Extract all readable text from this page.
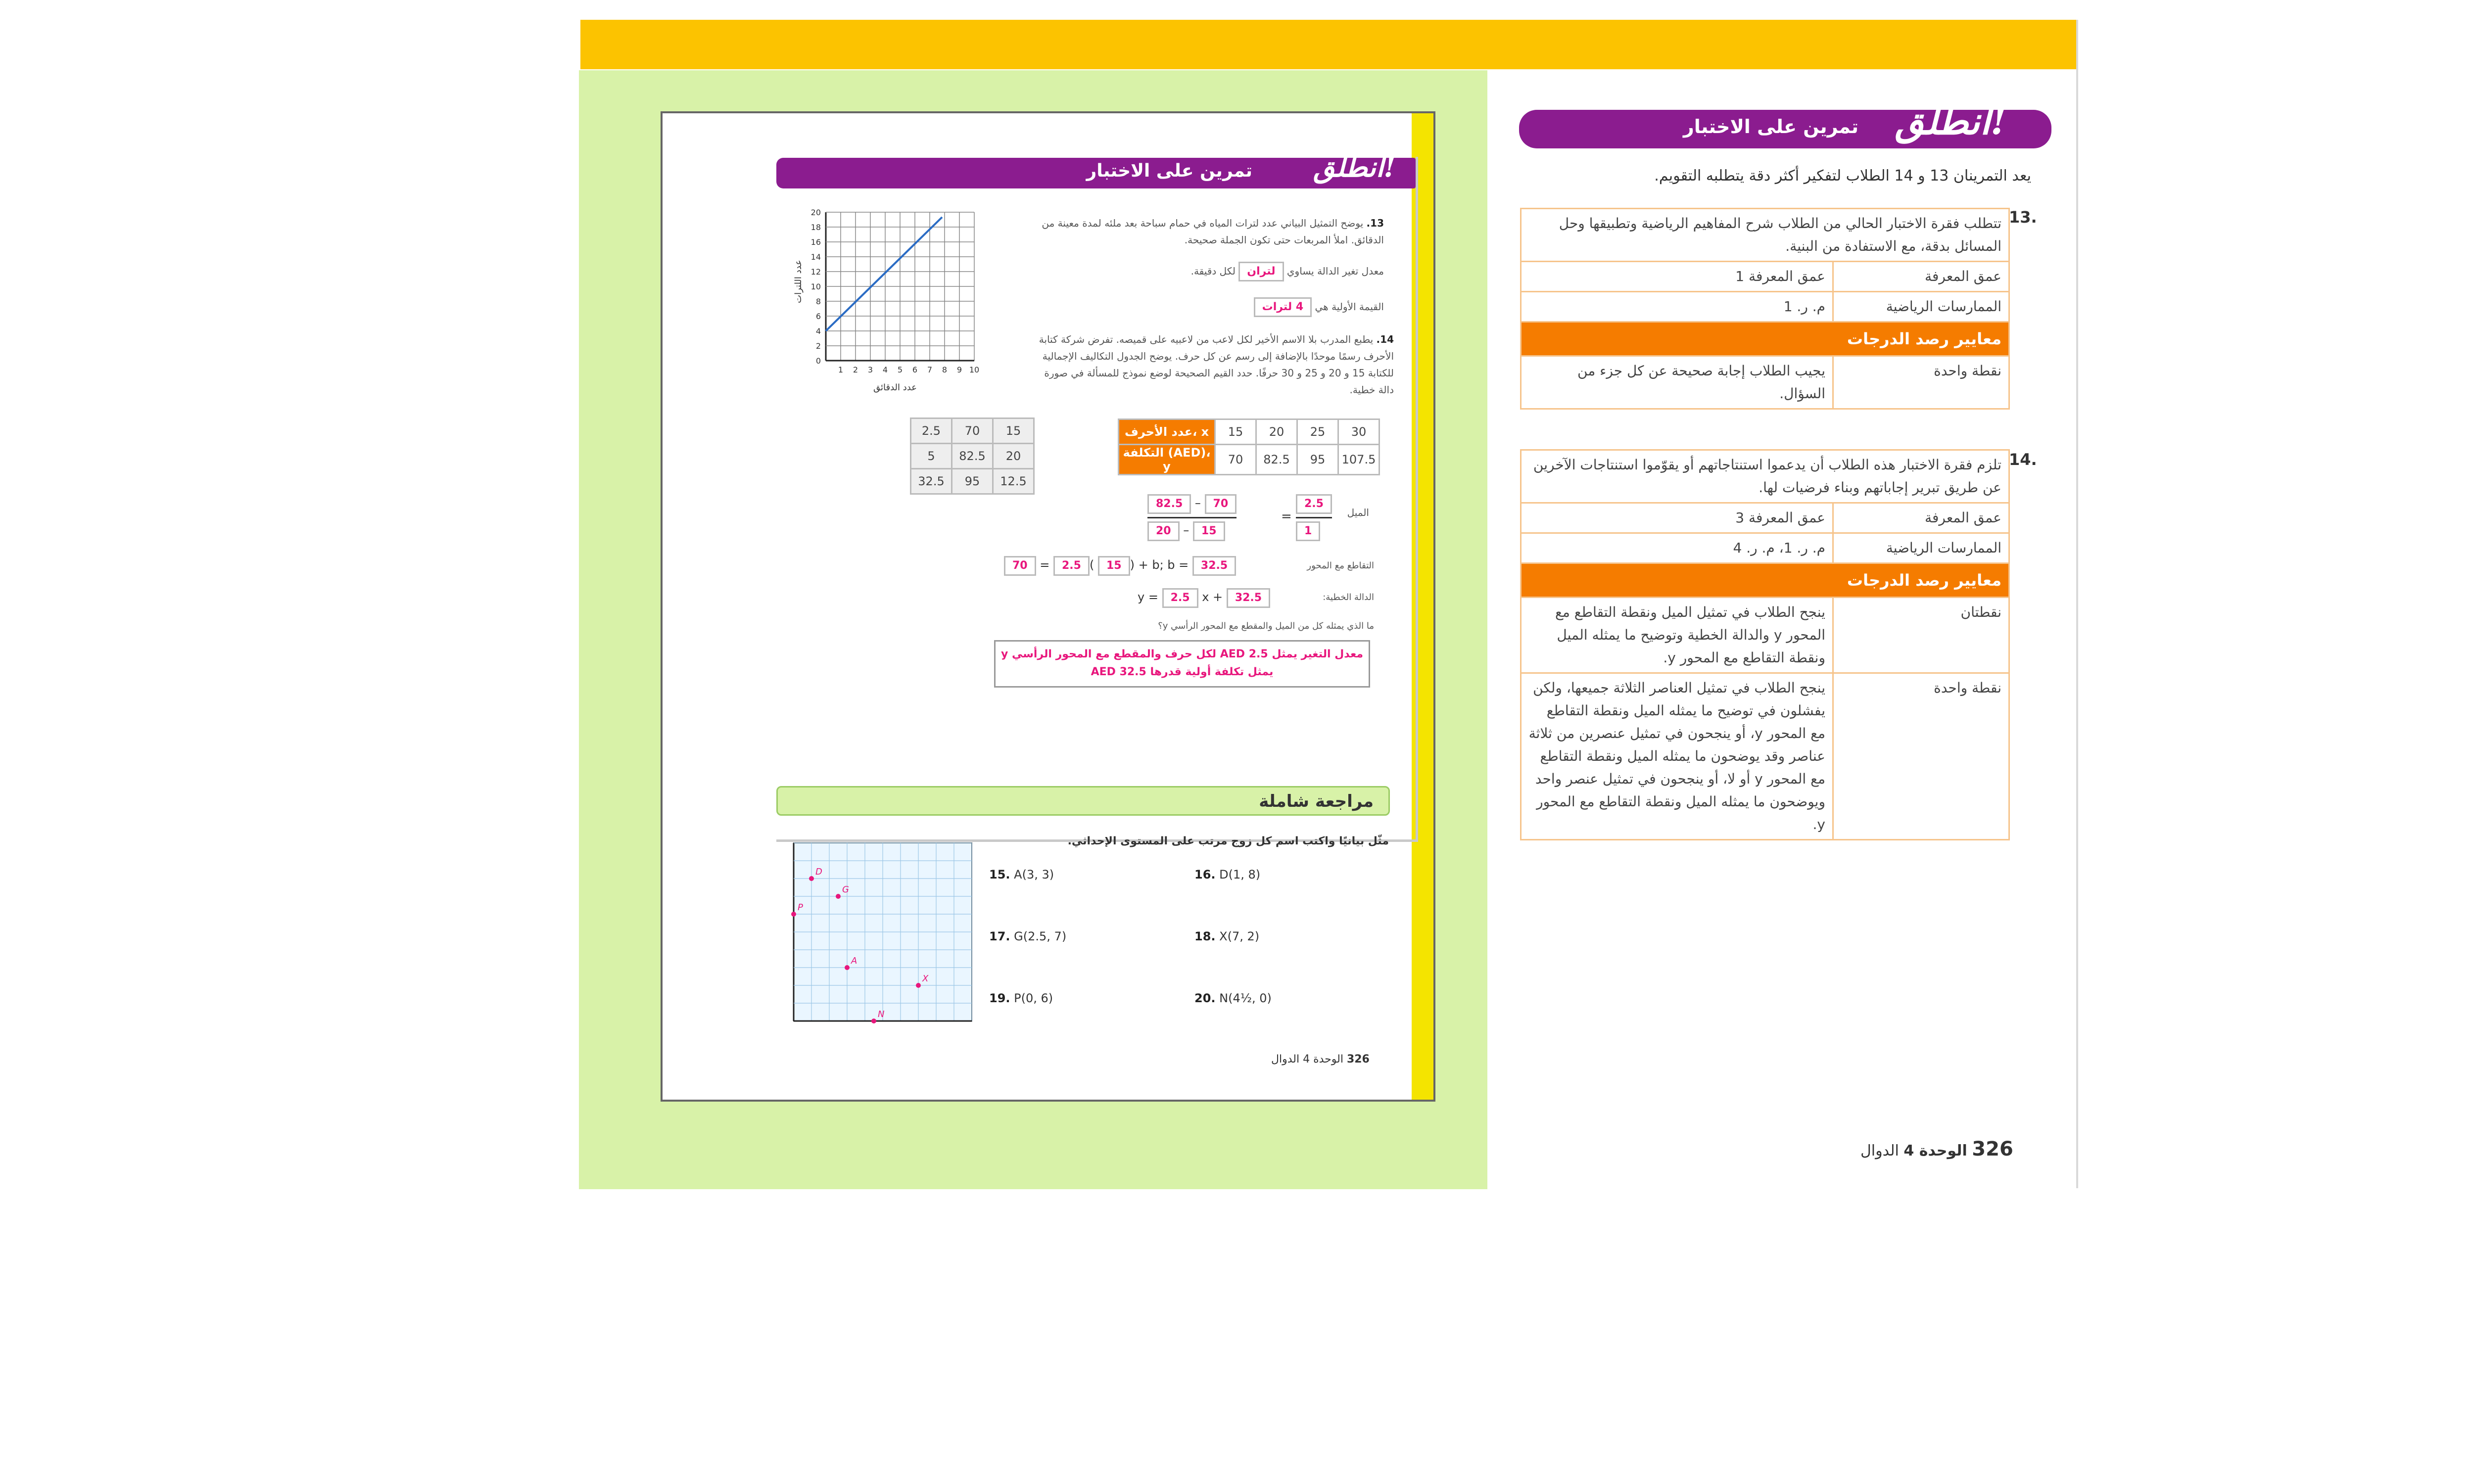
تمرين على الاختبار انطلق!
20
18
16
14
12
10
8
6
4
2
0
1 2 3 4 5 6 7 8 9 10
عدد اللترات
عدد الدقائق
13. يوضح التمثيل البياني عدد لترات المياه في حمام سباحة بعد ملئه لمدة معينة من الدقائق. املأ المربعات حتى تكون الجملة صحيحة.
معدل تغير الدالة يساوي لتران لكل دقيقة.
القيمة الأولية هي 4 لترات
14. يطبع المدرب بلا الاسم الأخير لكل لاعب من لاعبيه على قميصه. تفرض شركة كتابة الأحرف رسمًا موحدًا بالإضافة إلى رسم عن كل حرف. يوضح الجدول التكاليف الإجمالية للكتابة 15 و 20 و 25 و 30 حرفًا. حدد القيم الصحيحة لوضع نموذج للمسألة في صورة دالة خطية.
2.5	70	15
5	82.5	20
32.5	95	12.5
عدد الأحرف، x	15	20	25	30
التكلفة (AED)، y	70	82.5	95	107.5
الميل
82.5 – 70
20 – 15
=
2.5
1
70 = 2.5 ( 15 ) + b; b = 32.5	التقاطع مع المحور
y = 2.5 x + 32.5	الدالة الخطية:
ما الذي يمثله كل من الميل والمقطع مع المحور الرأسي y؟
معدل التغير يمثل 2.5 AED لكل حرف والمقطع مع المحور الرأسي y يمثل تكلفة أولية قدرها 32.5 AED
مراجعة شاملة
مثّل بيانيًا واكتب اسم كل زوج مرتب على المستوى الإحداثي.
D
G
P
A
X
N
15. A(3, 3)	16. D(1, 8)
17. G(2.5, 7)	18. X(7, 2)
19. P(0, 6)	20. N(4½, 0)
326 الوحدة 4 الدوال
تمرين على الاختبار انطلق!
يعد التمرينان 13 و 14 الطلاب لتفكير أكثر دقة يتطلبه التقويم.
13.
تتطلب فقرة الاختبار الحالي من الطلاب شرح المفاهيم الرياضية وتطبيقها وحل المسائل بدقة، مع الاستفادة من البنية.	
عمق المعرفة	عمق المعرفة 1
الممارسات الرياضية	م. ر. 1
معايير رصد الدرجات	
نقطة واحدة	يجيب الطلاب إجابة صحيحة عن كل جزء من السؤال.
14.
تلزم فقرة الاختبار هذه الطلاب أن يدعموا استنتاجاتهم أو يقوّموا استنتاجات الآخرين عن طريق تبرير إجاباتهم وبناء فرضيات لها.	
عمق المعرفة	عمق المعرفة 3
الممارسات الرياضية	م. ر. 1، م. ر. 4
معايير رصد الدرجات	
نقطتان	ينجح الطلاب في تمثيل الميل ونقطة التقاطع مع المحور y والدالة الخطية وتوضيح ما يمثله الميل ونقطة التقاطع مع المحور y.
نقطة واحدة	ينجح الطلاب في تمثيل العناصر الثلاثة جميعها، ولكن يفشلون في توضيح ما يمثله الميل ونقطة التقاطع مع المحور y، أو ينجحون في تمثيل عنصرين من ثلاثة عناصر وقد يوضحون ما يمثله الميل ونقطة التقاطع مع المحور y أو لا، أو ينجحون في تمثيل عنصر واحد ويوضحون ما يمثله الميل ونقطة التقاطع مع المحور y.
326 الوحدة 4 الدوال
